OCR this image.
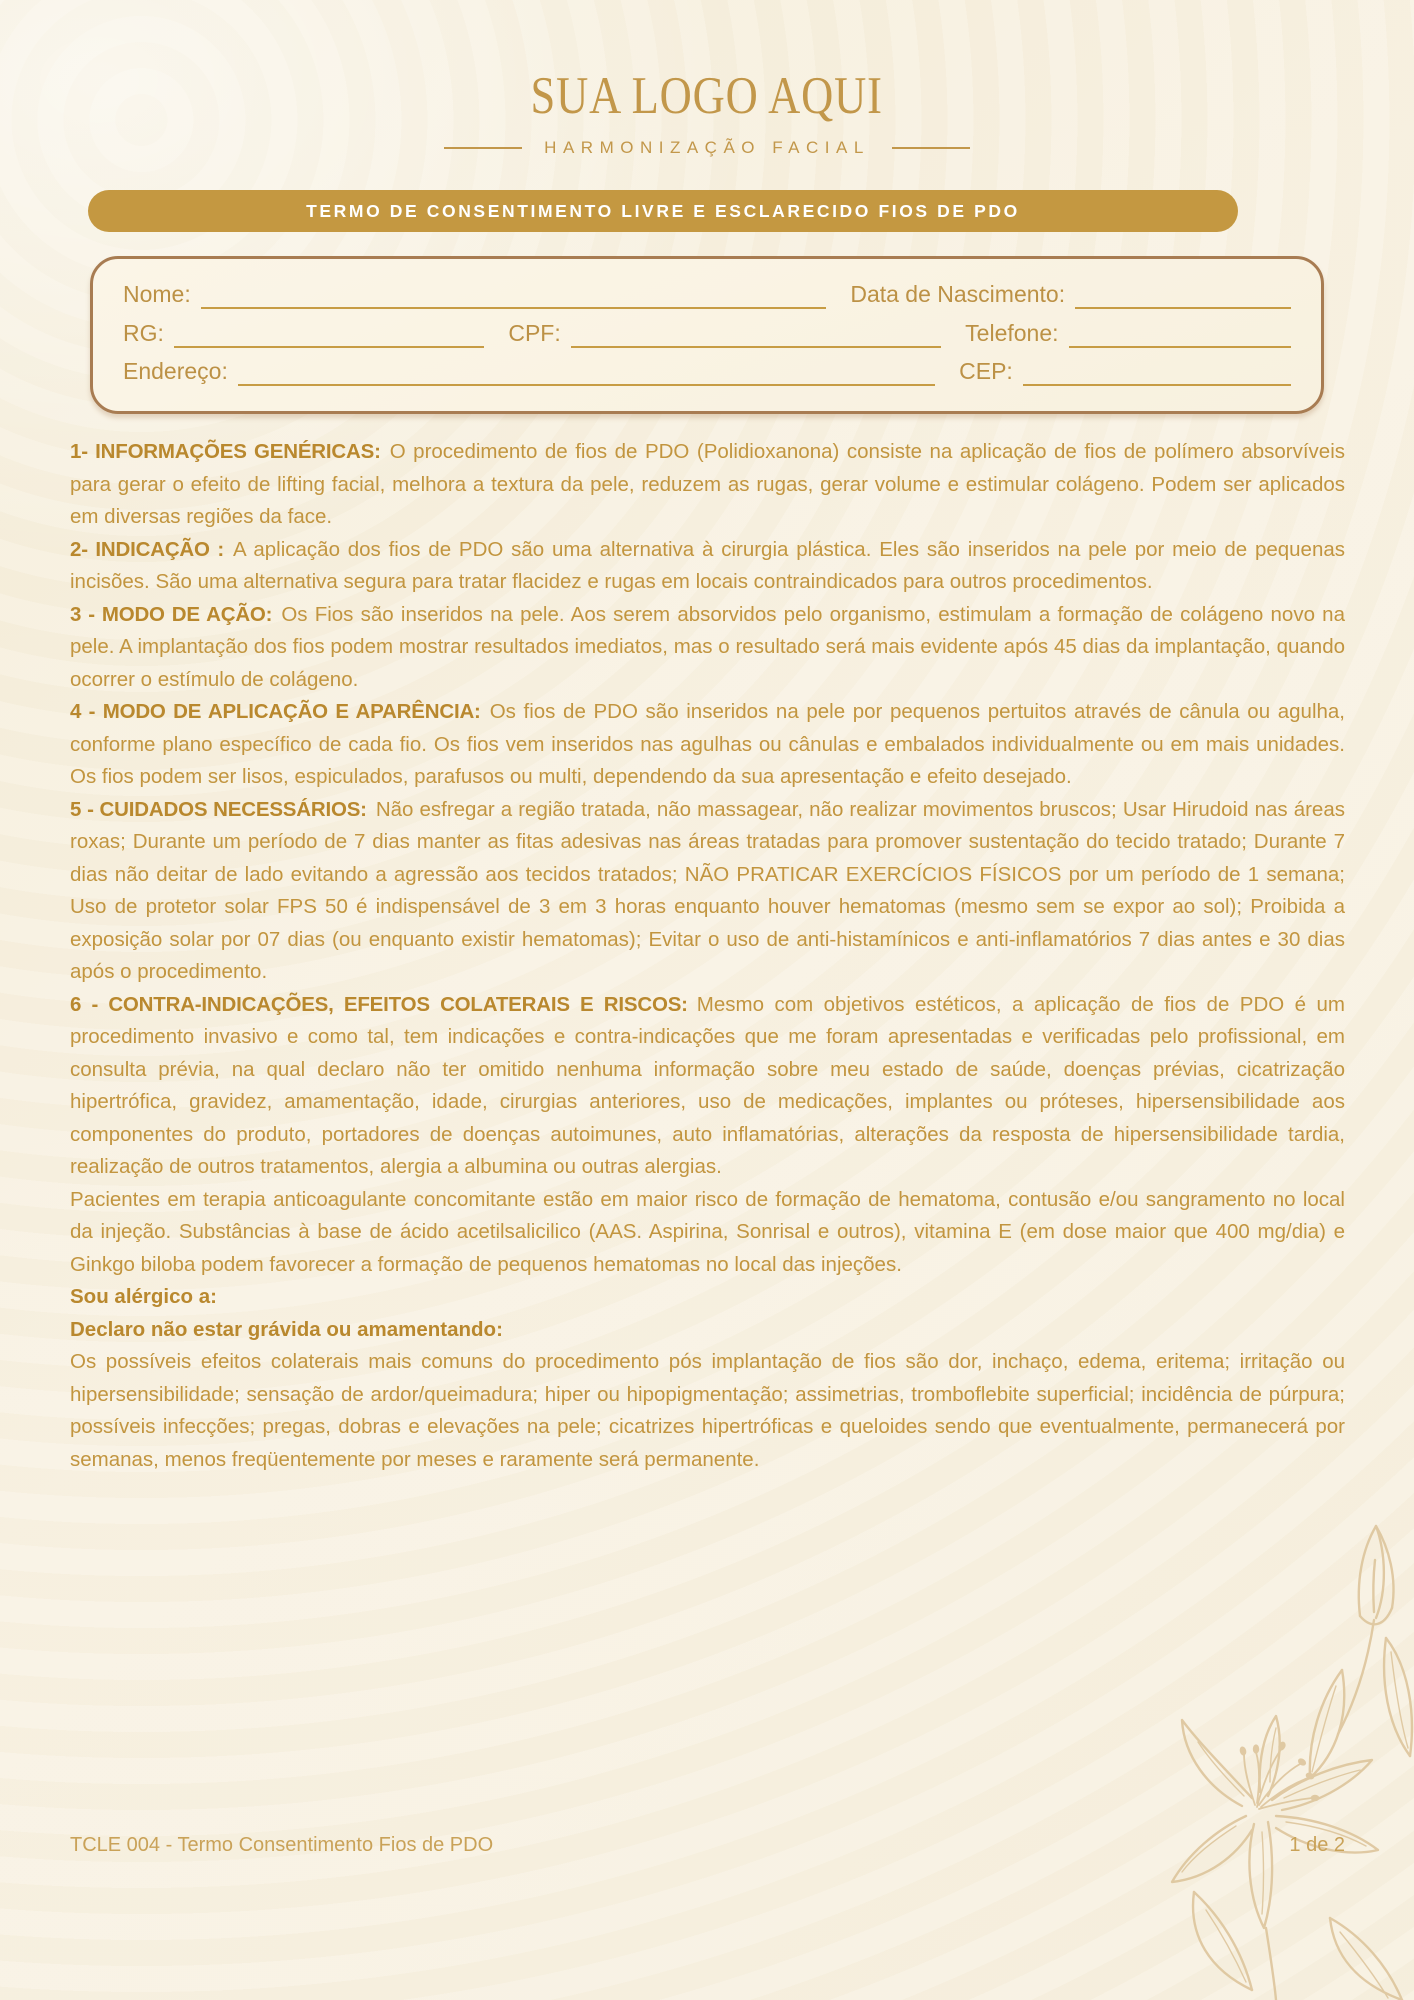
SUA LOGO AQUI
HARMONIZAÇÃO FACIAL
TERMO DE CONSENTIMENTO LIVRE E ESCLARECIDO FIOS DE PDO
Nome:	Data de Nascimento:
RG:	CPF:	Telefone:
Endereço:	CEP:

1- INFORMAÇÕES GENÉRICAS: O procedimento de fios de PDO (Polidioxanona) consiste na aplicação de fios de polímero absorvíveis para gerar o efeito de lifting facial, melhora a textura da pele, reduzem as rugas, gerar volume e estimular colágeno. Podem ser aplicados em diversas regiões da face.

2- INDICAÇÃO : A aplicação dos fios de PDO são uma alternativa à cirurgia plástica. Eles são inseridos na pele por meio de pequenas incisões. São uma alternativa segura para tratar flacidez e rugas em locais contraindicados para outros procedimentos.

3 - MODO DE AÇÃO: Os Fios são inseridos na pele. Aos serem absorvidos pelo organismo, estimulam a formação de colágeno novo na pele. A implantação dos fios podem mostrar resultados imediatos, mas o resultado será mais evidente após 45 dias da implantação, quando ocorrer o estímulo de colágeno.

4 - MODO DE APLICAÇÃO E APARÊNCIA: Os fios de PDO são inseridos na pele por pequenos pertuitos através de cânula ou agulha, conforme plano específico de cada fio. Os fios vem inseridos nas agulhas ou cânulas e embalados individualmente ou em mais unidades. Os fios podem ser lisos, espiculados, parafusos ou multi, dependendo da sua apresentação e efeito desejado.

5 - CUIDADOS NECESSÁRIOS: Não esfregar a região tratada, não massagear, não realizar movimentos bruscos; Usar Hirudoid nas áreas roxas; Durante um período de 7 dias manter as fitas adesivas nas áreas tratadas para promover sustentação do tecido tratado; Durante 7 dias não deitar de lado evitando a agressão aos tecidos tratados; NÃO PRATICAR EXERCÍCIOS FÍSICOS por um período de 1 semana; Uso de protetor solar FPS 50 é indispensável de 3 em 3 horas enquanto houver hematomas (mesmo sem se expor ao sol); Proibida a exposição solar por 07 dias (ou enquanto existir hematomas); Evitar o uso de anti-histamínicos e anti-inflamatórios 7 dias antes e 30 dias após o procedimento.

6 - CONTRA-INDICAÇÕES, EFEITOS COLATERAIS E RISCOS: Mesmo com objetivos estéticos, a aplicação de fios de PDO é um procedimento invasivo e como tal, tem indicações e contra-indicações que me foram apresentadas e verificadas pelo profissional, em consulta prévia, na qual declaro não ter omitido nenhuma informação sobre meu estado de saúde, doenças prévias, cicatrização hipertrófica, gravidez, amamentação, idade, cirurgias anteriores, uso de medicações, implantes ou próteses, hipersensibilidade aos componentes do produto, portadores de doenças autoimunes, auto inflamatórias, alterações da resposta de hipersensibilidade tardia, realização de outros tratamentos, alergia a albumina ou outras alergias.

Pacientes em terapia anticoagulante concomitante estão em maior risco de formação de hematoma, contusão e/ou sangramento no local da injeção. Substâncias à base de ácido acetilsalicilico (AAS. Aspirina, Sonrisal e outros), vitamina E (em dose maior que 400 mg/dia) e Ginkgo biloba podem favorecer a formação de pequenos hematomas no local das injeções.

Sou alérgico a:

Declaro não estar grávida ou amamentando:

Os possíveis efeitos colaterais mais comuns do procedimento pós implantação de fios são dor, inchaço, edema, eritema; irritação ou hipersensibilidade; sensação de ardor/queimadura; hiper ou hipopigmentação; assimetrias, tromboflebite superficial; incidência de púrpura; possíveis infecções; pregas, dobras e elevações na pele; cicatrizes hipertróficas e queloides sendo que eventualmente, permanecerá por semanas, menos freqüentemente por meses e raramente será permanente.

TCLE 004 - Termo Consentimento Fios de PDO	1 de 2
